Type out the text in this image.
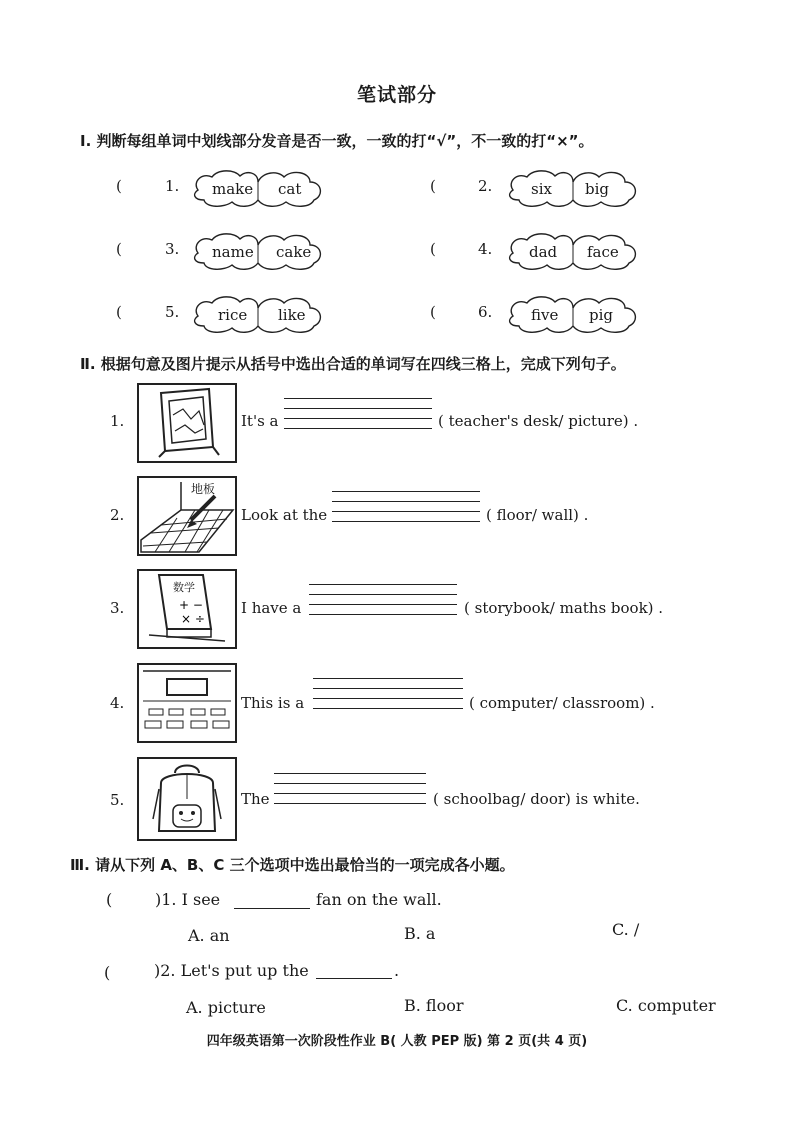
笔试部分
Ⅰ. 判断每组单词中划线部分发音是否一致，一致的打“√”，不一致的打“×”。
(	1. make cat
(	3. name cake
(	5.	rice like
(	2.	six big
(	4. dad face
(	6.	five pig
Ⅱ. 根据句意及图片提示从括号中选出合适的单词写在四线三格上，完成下列句子。
1.	It's a	( teacher's desk/ picture) .
2.
地板
Look at the	( floor/ wall) .
3.	+ −
× ÷
数学
I have a	( storybook/ maths book) .
4.	This is a	( computer/ classroom) .
5.	The	( schoolbag/ door) is white.
Ⅲ. 请从下列 A、B、C 三个选项中选出最恰当的一项完成各小题。
(	)1. I see	fan on the wall.
A. an	B. a	C. /
(	)2. Let's put up the	.
A. picture	B. floor	C. computer
四年级英语第一次阶段性作业 B( 人教 PEP 版) 第 2 页(共 4 页)
